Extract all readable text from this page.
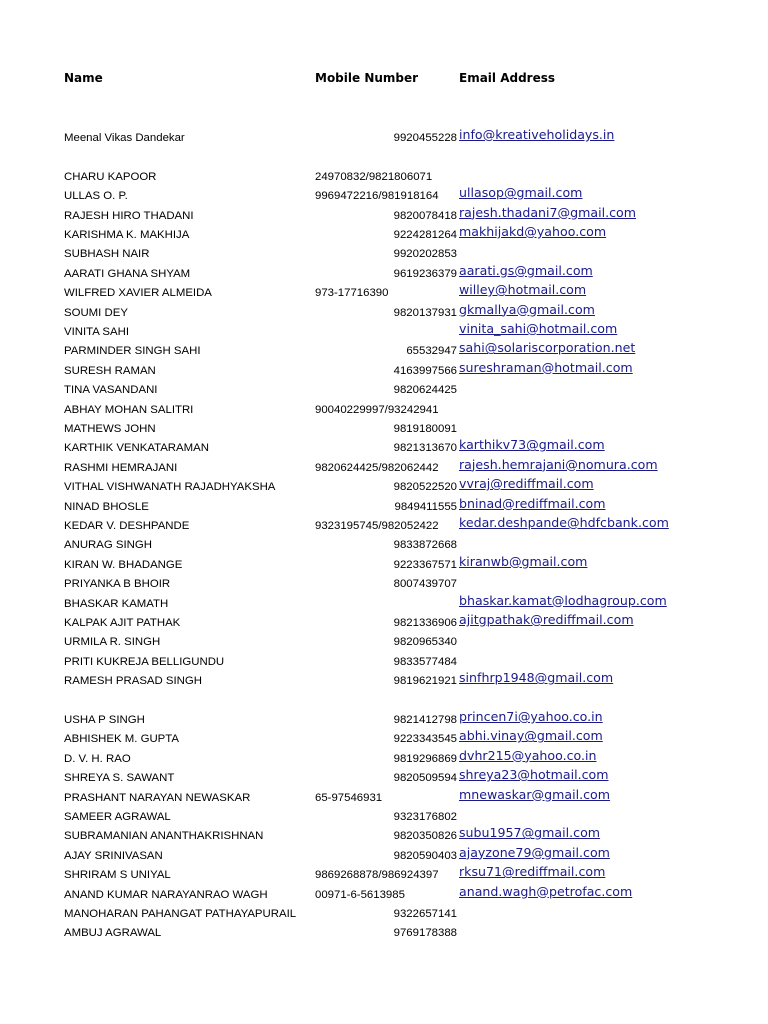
Name	Mobile Number	Email Address
Meenal Vikas Dandekar	9920455228 info@kreativeholidays.in
CHARU KAPOOR	24970832/9821806071
ULLAS O. P.	9969472216/981918164 ullasop@gmail.com
RAJESH HIRO THADANI	9820078418 rajesh.thadani7@gmail.com
KARISHMA K. MAKHIJA	9224281264 makhijakd@yahoo.com
SUBHASH NAIR	9920202853
AARATI GHANA SHYAM	9619236379 aarati.gs@gmail.com
WILFRED XAVIER ALMEIDA	973-17716390	willey@hotmail.com
SOUMI DEY	9820137931 gkmallya@gmail.com
VINITA SAHI	vinita_sahi@hotmail.com
PARMINDER SINGH SAHI	65532947 sahi@solariscorporation.net
SURESH RAMAN	4163997566 sureshraman@hotmail.com
TINA VASANDANI	9820624425
ABHAY MOHAN SALITRI	90040229997/93242941
MATHEWS JOHN	9819180091
KARTHIK VENKATARAMAN	9821313670 karthikv73@gmail.com
RASHMI HEMRAJANI	9820624425/982062442 rajesh.hemrajani@nomura.com
VITHAL VISHWANATH RAJADHYAKSHA	9820522520 vvraj@rediffmail.com
NINAD BHOSLE	9849411555 bninad@rediffmail.com
KEDAR V. DESHPANDE	9323195745/982052422 kedar.deshpande@hdfcbank.com
ANURAG SINGH	9833872668
KIRAN W. BHADANGE	9223367571 kiranwb@gmail.com
PRIYANKA B BHOIR	8007439707
BHASKAR KAMATH	bhaskar.kamat@lodhagroup.com
KALPAK AJIT PATHAK	9821336906 ajitgpathak@rediffmail.com
URMILA R. SINGH	9820965340
PRITI KUKREJA BELLIGUNDU	9833577484
RAMESH PRASAD SINGH	9819621921 sinfhrp1948@gmail.com
USHA P SINGH	9821412798 princen7i@yahoo.co.in
ABHISHEK M. GUPTA	9223343545 abhi.vinay@gmail.com
D. V. H. RAO	9819296869 dvhr215@yahoo.co.in
SHREYA S. SAWANT	9820509594 shreya23@hotmail.com
PRASHANT NARAYAN NEWASKAR	65-97546931	mnewaskar@gmail.com
SAMEER AGRAWAL	9323176802
SUBRAMANIAN ANANTHAKRISHNAN	9820350826 subu1957@gmail.com
AJAY SRINIVASAN	9820590403 ajayzone79@gmail.com
SHRIRAM S UNIYAL	9869268878/986924397 rksu71@rediffmail.com
ANAND KUMAR NARAYANRAO WAGH	00971-6-5613985	anand.wagh@petrofac.com
MANOHARAN PAHANGAT PATHAYAPURAIL	9322657141
AMBUJ AGRAWAL	9769178388
